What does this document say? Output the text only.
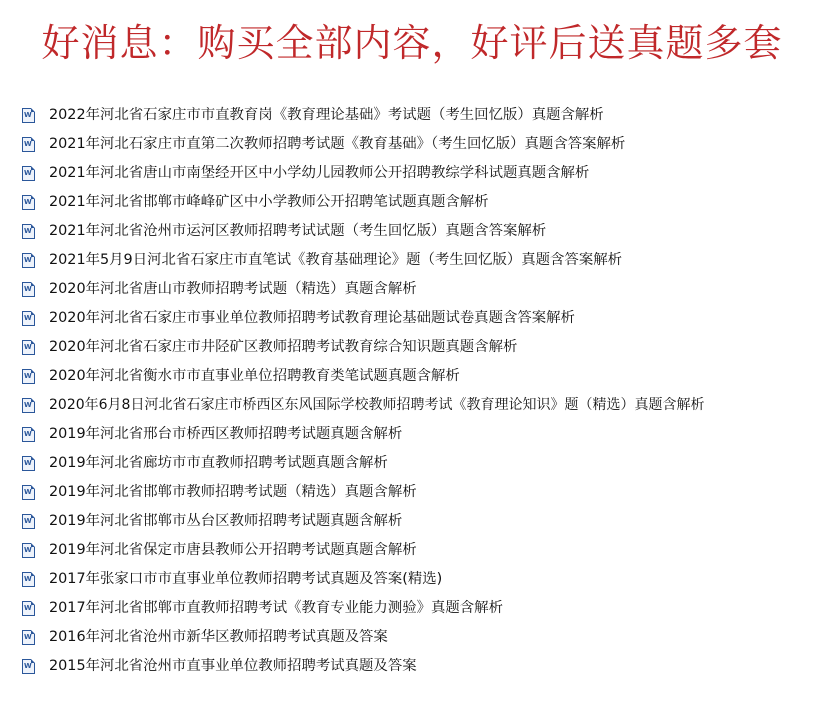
好消息：购买全部内容，好评后送真题多套
W 2022年河北省石家庄市市直教育岗《教育理论基础》考试题（考生回忆版）真题含解析
W 2021年河北石家庄市直第二次教师招聘考试题《教育基础》（考生回忆版）真题含答案解析
W 2021年河北省唐山市南堡经开区中小学幼儿园教师公开招聘教综学科试题真题含解析
W 2021年河北省邯郸市峰峰矿区中小学教师公开招聘笔试题真题含解析
W 2021年河北省沧州市运河区教师招聘考试试题（考生回忆版）真题含答案解析
W 2021年5月9日河北省石家庄市直笔试《教育基础理论》题（考生回忆版）真题含答案解析
W 2020年河北省唐山市教师招聘考试题（精选）真题含解析
W 2020年河北省石家庄市事业单位教师招聘考试教育理论基础题试卷真题含答案解析
W 2020年河北省石家庄市井陉矿区教师招聘考试教育综合知识题真题含解析
W 2020年河北省衡水市市直事业单位招聘教育类笔试题真题含解析
W 2020年6月8日河北省石家庄市桥西区东风国际学校教师招聘考试《教育理论知识》题（精选）真题含解析
W 2019年河北省邢台市桥西区教师招聘考试题真题含解析
W 2019年河北省廊坊市市直教师招聘考试题真题含解析
W 2019年河北省邯郸市教师招聘考试题（精选）真题含解析
W 2019年河北省邯郸市丛台区教师招聘考试题真题含解析
W 2019年河北省保定市唐县教师公开招聘考试题真题含解析
W 2017年张家口市市直事业单位教师招聘考试真题及答案(精选)
W 2017年河北省邯郸市直教师招聘考试《教育专业能力测验》真题含解析
W 2016年河北省沧州市新华区教师招聘考试真题及答案
W 2015年河北省沧州市直事业单位教师招聘考试真题及答案
